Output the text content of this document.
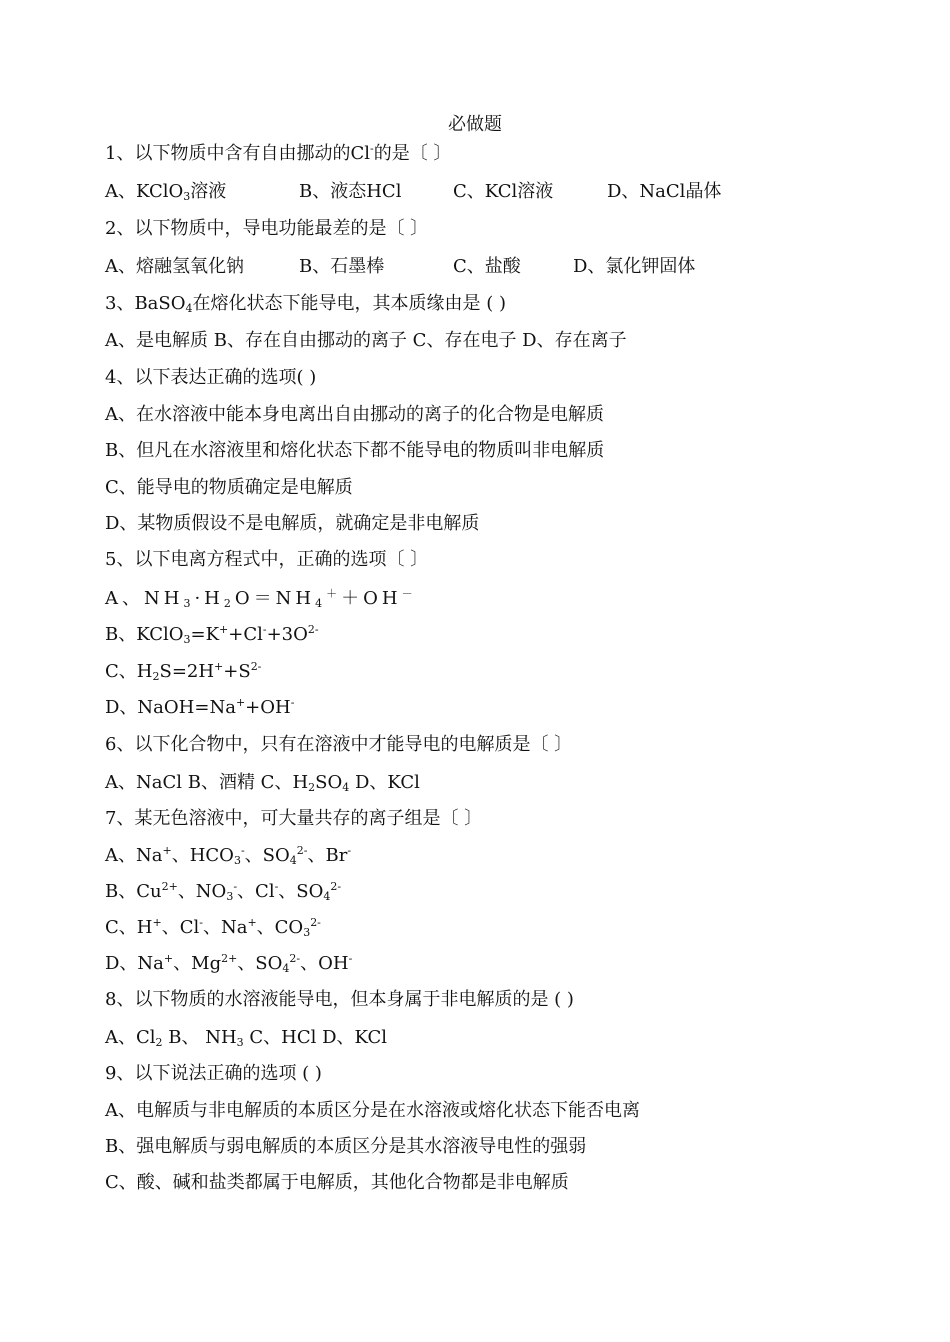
必做题
1、以下物质中含有自由挪动的Cl-的是〔 〕
A、KClO$_3$溶液	B、液态HCl	C、KCl溶液	D、NaCl晶体
2、以下物质中，导电功能最差的是〔 〕
A、熔融氢氧化钠	B、石墨棒	C、盐酸	D、氯化钾固体
3、BaSO$_4$在熔化状态下能导电，其本质缘由是 ( )
A、是电解质 B、存在自由挪动的离子 C、存在电子 D、存在离子
4、以下表达正确的选项( )
A、在水溶液中能本身电离出自由挪动的离子的化合物是电解质
B、但凡在水溶液里和熔化状态下都不能导电的物质叫非电解质
C、能导电的物质确定是电解质
D、某物质假设不是电解质，就确定是非电解质
5、以下电离方程式中，正确的选项〔 〕
A、$NH_3\cdot H_2O=NH_4^++OH^-$
B、$KClO_3=K^++Cl^-+3O^{2-}$
C、$H_2S=2H^++S^{2-}$
D、NaOH=Na++OH-
6、以下化合物中，只有在溶液中才能导电的电解质是〔 〕
A、NaCl B、酒精 C、$H_2SO_4$ D、KCl
7、某无色溶液中，可大量共存的离子组是〔 〕
A、Na+、$HCO_3^-$、$SO_4^{2-}$、Br-
B、$Cu^{2+}$、$NO_3^-$、Cl-、$SO_4^{2-}$
C、H+、Cl-、Na+、$CO_3^{2-}$
D、Na+、$Mg^{2+}$、$SO_4^{2-}$、OH-
8、以下物质的水溶液能导电，但本身属于非电解质的是 ( )
A、$Cl_2$ B、 $NH_3$ C、HCl D、KCl
9、以下说法正确的选项 ( )
A、电解质与非电解质的本质区分是在水溶液或熔化状态下能否电离
B、强电解质与弱电解质的本质区分是其水溶液导电性的强弱
C、酸、碱和盐类都属于电解质，其他化合物都是非电解质
